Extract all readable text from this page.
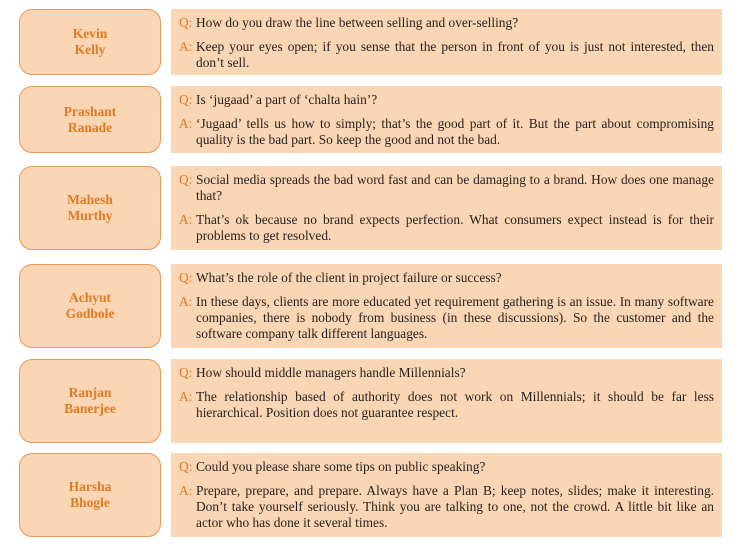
Kevin
Kelly
Q: How do you draw the line between selling and over-selling?
A: Keep your eyes open; if you sense that the person in front of you is just not interested, then don’t sell.
Prashant
Ranade
Q: Is ‘jugaad’ a part of ‘chalta hain’?
A: ‘Jugaad’ tells us how to simply; that’s the good part of it. But the part about compromising quality is the bad part. So keep the good and not the bad.
Mahesh
Murthy
Q: Social media spreads the bad word fast and can be damaging to a brand. How does one manage that?
A: That’s ok because no brand expects perfection. What consumers expect instead is for their problems to get resolved.
Achyut
Godbole
Q: What’s the role of the client in project failure or success?
A: In these days, clients are more educated yet requirement gathering is an issue. In many software companies, there is nobody from business (in these discussions). So the customer and the software company talk different languages.
Ranjan
Banerjee
Q: How should middle managers handle Millennials?
A: The relationship based of authority does not work on Millennials; it should be far less hierarchical. Position does not guarantee respect.
Harsha
Bhogle
Q: Could you please share some tips on public speaking?
A: Prepare, prepare, and prepare. Always have a Plan B; keep notes, slides; make it interesting. Don’t take yourself seriously. Think you are talking to one, not the crowd. A little bit like an actor who has done it several times.
